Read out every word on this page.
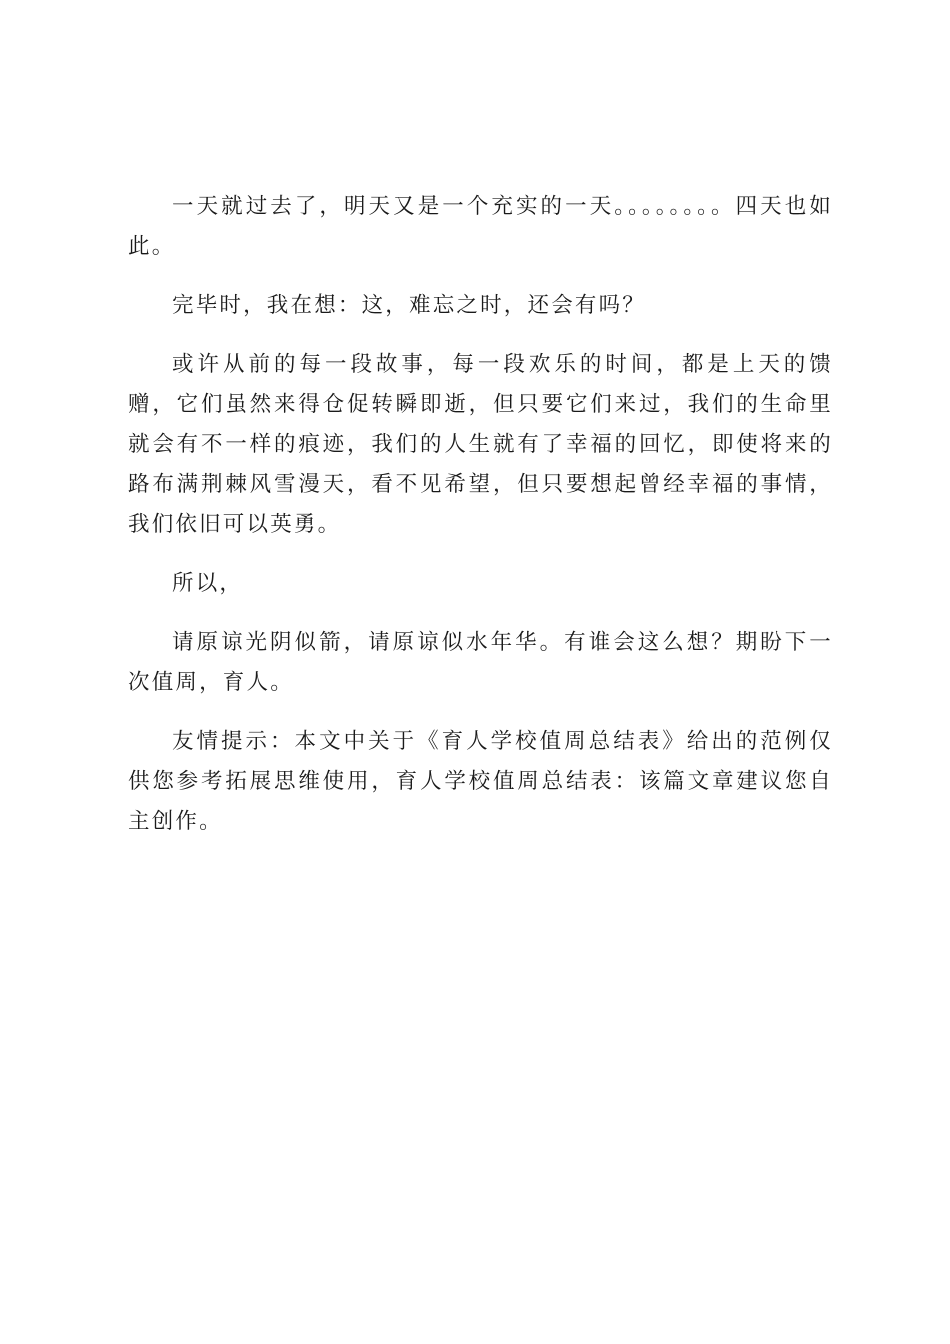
一天就过去了，明天又是一个充实的一天。。。。。。。。四天也如此。

完毕时，我在想：这，难忘之时，还会有吗？

或许从前的每一段故事，每一段欢乐的时间，都是上天的馈赠，它们虽然来得仓促转瞬即逝，但只要它们来过，我们的生命里就会有不一样的痕迹，我们的人生就有了幸福的回忆，即使将来的路布满荆棘风雪漫天，看不见希望，但只要想起曾经幸福的事情，我们依旧可以英勇。

所以，

请原谅光阴似箭，请原谅似水年华。有谁会这么想？期盼下一次值周，育人。

友情提示：本文中关于《育人学校值周总结表》给出的范例仅供您参考拓展思维使用，育人学校值周总结表：该篇文章建议您自主创作。
